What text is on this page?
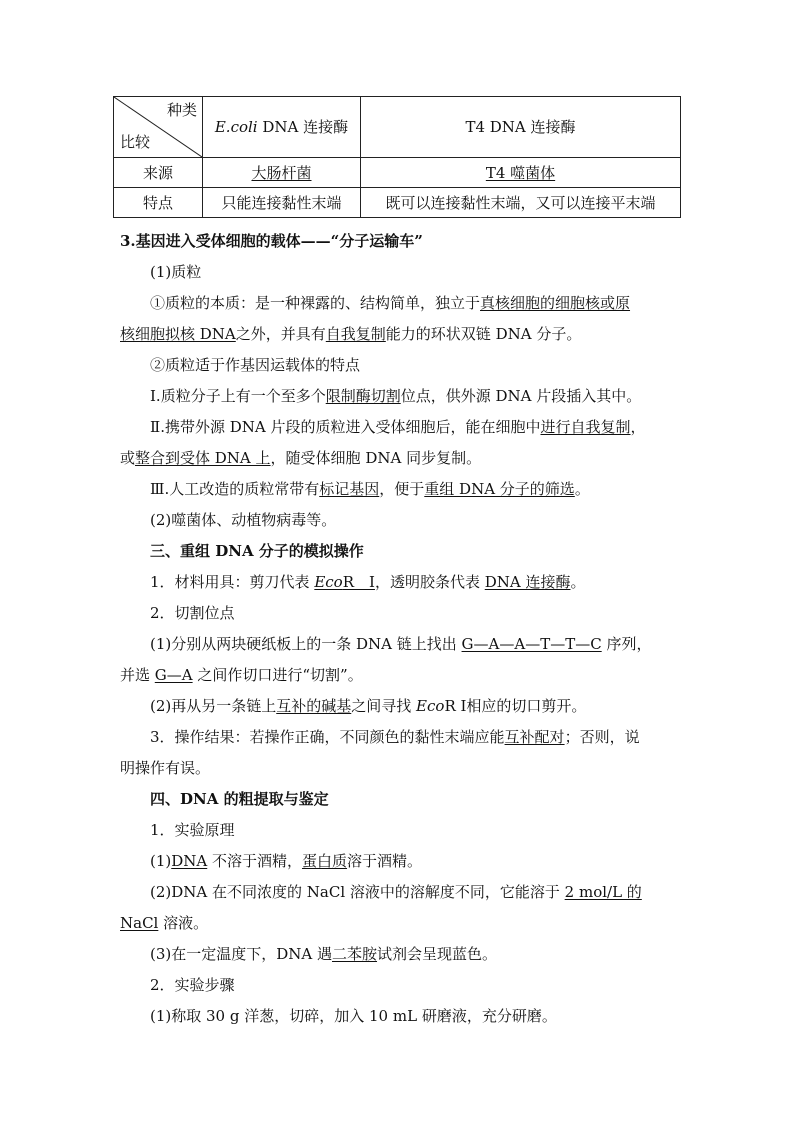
种类
比较	E.coli DNA 连接酶	T4 DNA 连接酶
来源	大肠杆菌	T4 噬菌体
特点	只能连接黏性末端	既可以连接黏性末端，又可以连接平末端

3.基因进入受体细胞的载体——“分子运输车”

(1)质粒

①质粒的本质：是一种裸露的、结构简单，独立于真核细胞的细胞核或原

核细胞拟核 DNA之外，并具有自我复制能力的环状双链 DNA 分子。

②质粒适于作基因运载体的特点

Ⅰ.质粒分子上有一个至多个限制酶切割位点，供外源 DNA 片段插入其中。

Ⅱ.携带外源 DNA 片段的质粒进入受体细胞后，能在细胞中进行自我复制，

或整合到受体 DNA 上，随受体细胞 DNA 同步复制。

Ⅲ.人工改造的质粒常带有标记基因，便于重组 DNA 分子的筛选。

(2)噬菌体、动植物病毒等。

三、重组 DNA 分子的模拟操作

1．材料用具：剪刀代表 EcoR　Ⅰ，透明胶条代表 DNA 连接酶。

2．切割位点

(1)分别从两块硬纸板上的一条 DNA 链上找出 G—A—A—T—T—C 序列，

并选 G—A 之间作切口进行“切割”。

(2)再从另一条链上互补的碱基之间寻找 EcoR Ⅰ相应的切口剪开。

3．操作结果：若操作正确，不同颜色的黏性末端应能互补配对；否则，说

明操作有误。

四、DNA 的粗提取与鉴定

1．实验原理

(1)DNA 不溶于酒精，蛋白质溶于酒精。

(2)DNA 在不同浓度的 NaCl 溶液中的溶解度不同，它能溶于 2 mol/L 的

NaCl 溶液。

(3)在一定温度下，DNA 遇二苯胺试剂会呈现蓝色。

2．实验步骤

(1)称取 30 g 洋葱，切碎，加入 10 mL 研磨液，充分研磨。
